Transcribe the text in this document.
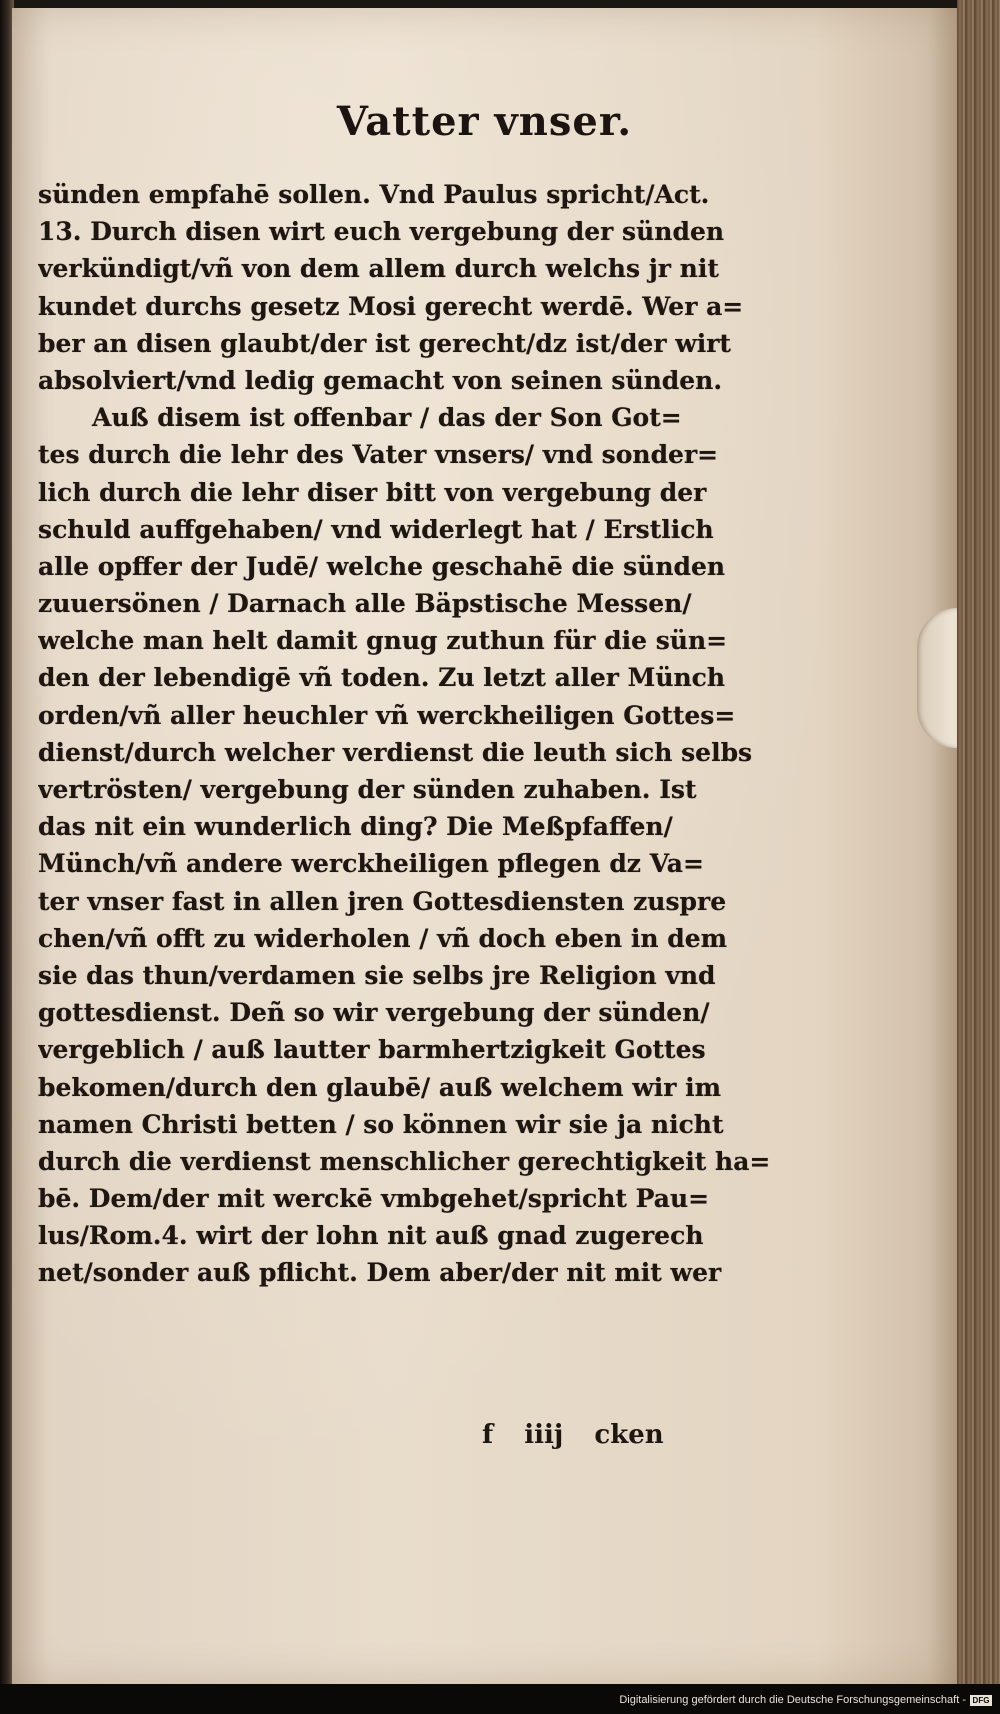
Vatter vnser.
sünden empfahē sollen. Vnd Paulus spricht/Act.
13. Durch disen wirt euch vergebung der sünden
verkündigt/vñ von dem allem durch welchs jr nit
kundet durchs gesetz Mosi gerecht werdē. Wer a=
ber an disen glaubt/der ist gerecht/dz ist/der wirt
absolviert/vnd ledig gemacht von seinen sünden.
Auß disem ist offenbar / das der Son Got=
tes durch die lehr des Vater vnsers/ vnd sonder=
lich durch die lehr diser bitt von vergebung der
schuld auffgehaben/ vnd widerlegt hat / Erstlich
alle opffer der Judē/ welche geschahē die sünden
zuuersönen / Darnach alle Bäpstische Messen/
welche man helt damit gnug zuthun für die sün=
den der lebendigē vñ toden. Zu letzt aller Münch
orden/vñ aller heuchler vñ werckheiligen Gottes=
dienst/durch welcher verdienst die leuth sich selbs
vertrösten/ vergebung der sünden zuhaben. Ist
das nit ein wunderlich ding? Die Meßpfaffen/
Münch/vñ andere werckheiligen pflegen dz Va=
ter vnser fast in allen jren Gottesdiensten zuspre
chen/vñ offt zu widerholen / vñ doch eben in dem
sie das thun/verdamen sie selbs jre Religion vnd
gottesdienst. Deñ so wir vergebung der sünden/
vergeblich / auß lautter barmhertzigkeit Gottes
bekomen/durch den glaubē/ auß welchem wir im
namen Christi betten / so können wir sie ja nicht
durch die verdienst menschlicher gerechtigkeit ha=
bē. Dem/der mit werckē vmbgehet/spricht Pau=
lus/Rom.4. wirt der lohn nit auß gnad zugerech
net/sonder auß pflicht. Dem aber/der nit mit wer
f iiij cken
Digitalisierung gefördert durch die Deutsche Forschungsgemeinschaft - DFG
